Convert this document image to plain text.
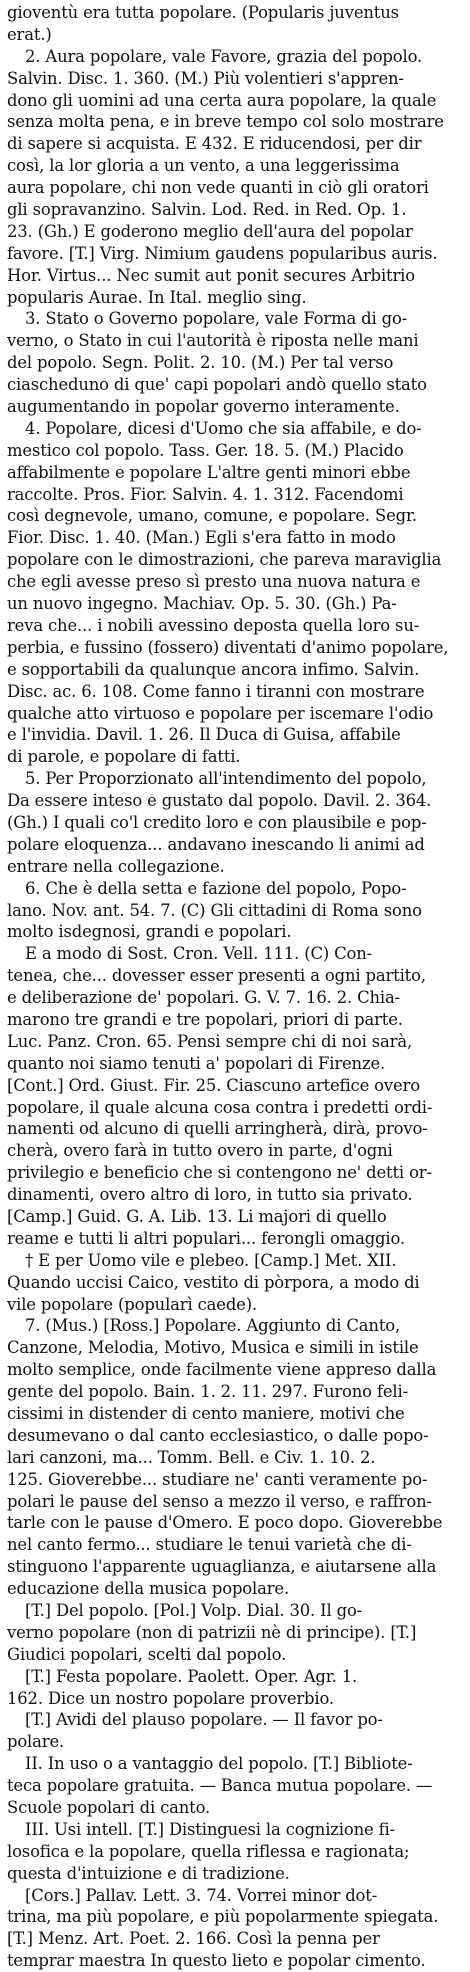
gioventù era tutta popolare. (Popularis juventus
erat.)
2. Aura popolare, vale Favore, grazia del popolo.
Salvin. Disc. 1. 360. (M.) Più volentieri s'appren-
dono gli uomini ad una certa aura popolare, la quale
senza molta pena, e in breve tempo col solo mostrare
di sapere si acquista. E 432. E riducendosi, per dir
così, la lor gloria a un vento, a una leggerissima
aura popolare, chi non vede quanti in ciò gli oratori
gli sopravanzino. Salvin. Lod. Red. in Red. Op. 1.
23. (Gh.) E goderono meglio dell'aura del popolar
favore. [T.] Virg. Nimium gaudens popularibus auris.
Hor. Virtus... Nec sumit aut ponit secures Arbitrio
popularis Aurae. In Ital. meglio sing.
3. Stato o Governo popolare, vale Forma di go-
verno, o Stato in cui l'autorità è riposta nelle mani
del popolo. Segn. Polit. 2. 10. (M.) Per tal verso
ciascheduno di que' capi popolari andò quello stato
augumentando in popolar governo interamente.
4. Popolare, dicesi d'Uomo che sia affabile, e do-
mestico col popolo. Tass. Ger. 18. 5. (M.) Placido
affabilmente e popolare L'altre genti minori ebbe
raccolte. Pros. Fior. Salvin. 4. 1. 312. Facendomi
così degnevole, umano, comune, e popolare. Segr.
Fior. Disc. 1. 40. (Man.) Egli s'era fatto in modo
popolare con le dimostrazioni, che pareva maraviglia
che egli avesse preso sì presto una nuova natura e
un nuovo ingegno. Machiav. Op. 5. 30. (Gh.) Pa-
reva che... i nobili avessino deposta quella loro su-
perbia, e fussino (fossero) diventati d'animo popolare,
e sopportabili da qualunque ancora infimo. Salvin.
Disc. ac. 6. 108. Come fanno i tiranni con mostrare
qualche atto virtuoso e popolare per iscemare l'odio
e l'invidia. Davil. 1. 26. Il Duca di Guisa, affabile
di parole, e popolare di fatti.
5. Per Proporzionato all'intendimento del popolo,
Da essere inteso e gustato dal popolo. Davil. 2. 364.
(Gh.) I quali co'l credito loro e con plausibile e pop-
polare eloquenza... andavano inescando li animi ad
entrare nella collegazione.
6. Che è della setta e fazione del popolo, Popo-
lano. Nov. ant. 54. 7. (C) Gli cittadini di Roma sono
molto isdegnosi, grandi e popolari.
E a modo di Sost. Cron. Vell. 111. (C) Con-
tenea, che... dovesser esser presenti a ogni partito,
e deliberazione de' popolari. G. V. 7. 16. 2. Chia-
marono tre grandi e tre popolari, priori di parte.
Luc. Panz. Cron. 65. Pensi sempre chi di noi sarà,
quanto noi siamo tenuti a' popolari di Firenze.
[Cont.] Ord. Giust. Fir. 25. Ciascuno artefice overo
popolare, il quale alcuna cosa contra i predetti ordi-
namenti od alcuno di quelli arringherà, dirà, provo-
cherà, overo farà in tutto overo in parte, d'ogni
privilegio e beneficio che si contengono ne' detti or-
dinamenti, overo altro di loro, in tutto sia privato.
[Camp.] Guid. G. A. Lib. 13. Li majori di quello
reame e tutti li altri populari... ferongli omaggio.
† E per Uomo vile e plebeo. [Camp.] Met. XII.
Quando uccisi Caico, vestito di pòrpora, a modo di
vile popolare (popularì caede).
7. (Mus.) [Ross.] Popolare. Aggiunto di Canto,
Canzone, Melodia, Motivo, Musica e simili in istile
molto semplice, onde facilmente viene appreso dalla
gente del popolo. Bain. 1. 2. 11. 297. Furono feli-
cissimi in distender di cento maniere, motivi che
desumevano o dal canto ecclesiastico, o dalle popo-
lari canzoni, ma... Tomm. Bell. e Civ. 1. 10. 2.
125. Gioverebbe... studiare ne' canti veramente po-
polari le pause del senso a mezzo il verso, e raffron-
tarle con le pause d'Omero. E poco dopo. Gioverebbe
nel canto fermo... studiare le tenui varietà che di-
stinguono l'apparente uguaglianza, e aiutarsene alla
educazione della musica popolare.
[T.] Del popolo. [Pol.] Volp. Dial. 30. Il go-
verno popolare (non di patrizii nè di principe). [T.]
Giudici popolari, scelti dal popolo.
[T.] Festa popolare. Paolett. Oper. Agr. 1.
162. Dice un nostro popolare proverbio.
[T.] Avidi del plauso popolare. — Il favor po-
polare.
II. In uso o a vantaggio del popolo. [T.] Bibliote-
teca popolare gratuita. — Banca mutua popolare. —
Scuole popolari di canto.
III. Usi intell. [T.] Distinguesi la cognizione fi-
losofica e la popolare, quella riflessa e ragionata;
questa d'intuizione e di tradizione.
[Cors.] Pallav. Lett. 3. 74. Vorrei minor dot-
trina, ma più popolare, e più popolarmente spiegata.
[T.] Menz. Art. Poet. 2. 166. Così la penna per
temprar maestra In questo lieto e popolar cimento.
